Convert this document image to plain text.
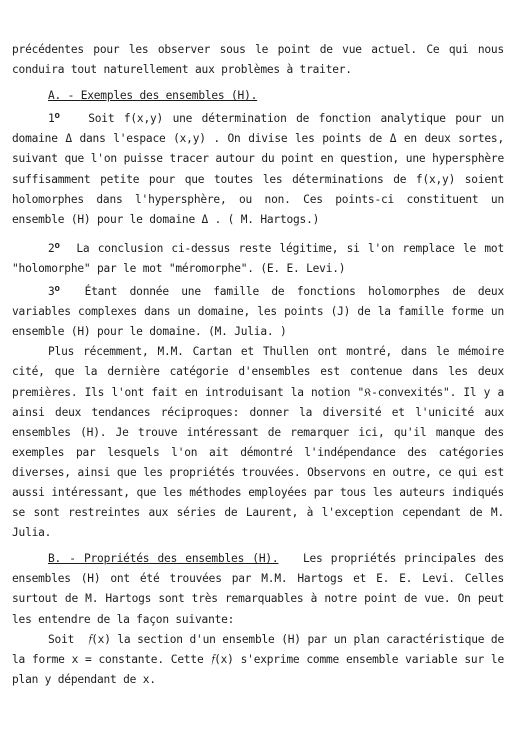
précédentes pour les observer sous le point de vue actuel. Ce qui nous conduira tout naturellement aux problèmes à traiter.

A. - Exemples des ensembles (H).

1$^o$	Soit f(x,y) une détermination de fonction analytique pour un domaine Δ dans l'espace (x,y) . On divise les points de Δ en deux sortes, suivant que l'on puisse tracer autour du point en question, une hypersphère suffisamment petite pour que toutes les déterminations de f(x,y) soient holomorphes dans l'hypersphère, ou non. Ces points-ci constituent un ensemble (H) pour le domaine Δ . ( M. Hartogs.)

2$^o$ La conclusion ci-dessus reste légitime, si l'on remplace le mot "holomorphe" par le mot "méromorphe". (E. E. Levi.)

3$^o$ Étant donnée une famille de fonctions holomorphes de deux variables complexes dans un domaine, les points (J) de la famille forme un ensemble (H) pour le domaine. (M. Julia. )

Plus récemment, M.M. Cartan et Thullen ont montré, dans le mémoire cité, que la dernière catégorie d'ensembles est contenue dans les deux premières. Ils l'ont fait en introduisant la notion "𝔎-convexités". Il y a ainsi deux tendances réciproques: donner la diversité et l'unicité aux ensembles (H). Je trouve intéressant de remarquer ici, qu'il manque des exemples par lesquels l'on ait démontré l'indépendance des catégories diverses, ainsi que les propriétés trouvées. Observons en outre, ce qui est aussi intéressant, que les méthodes employées par tous les auteurs indiqués se sont restreintes aux séries de Laurent, à l'exception cependant de M. Julia.

B. - Propriétés des ensembles (H). Les propriétés principales des ensembles (H) ont été trouvées par M.M. Hartogs et E. E. Levi. Celles surtout de M. Hartogs sont très remarquables à notre point de vue. On peut les entendre de la façon suivante:

Soit  𝔣(x) la section d'un ensemble (H) par un plan caractéristique de la forme x = constante. Cette 𝔣(x) s'exprime comme ensemble variable sur le plan y dépendant de x.
